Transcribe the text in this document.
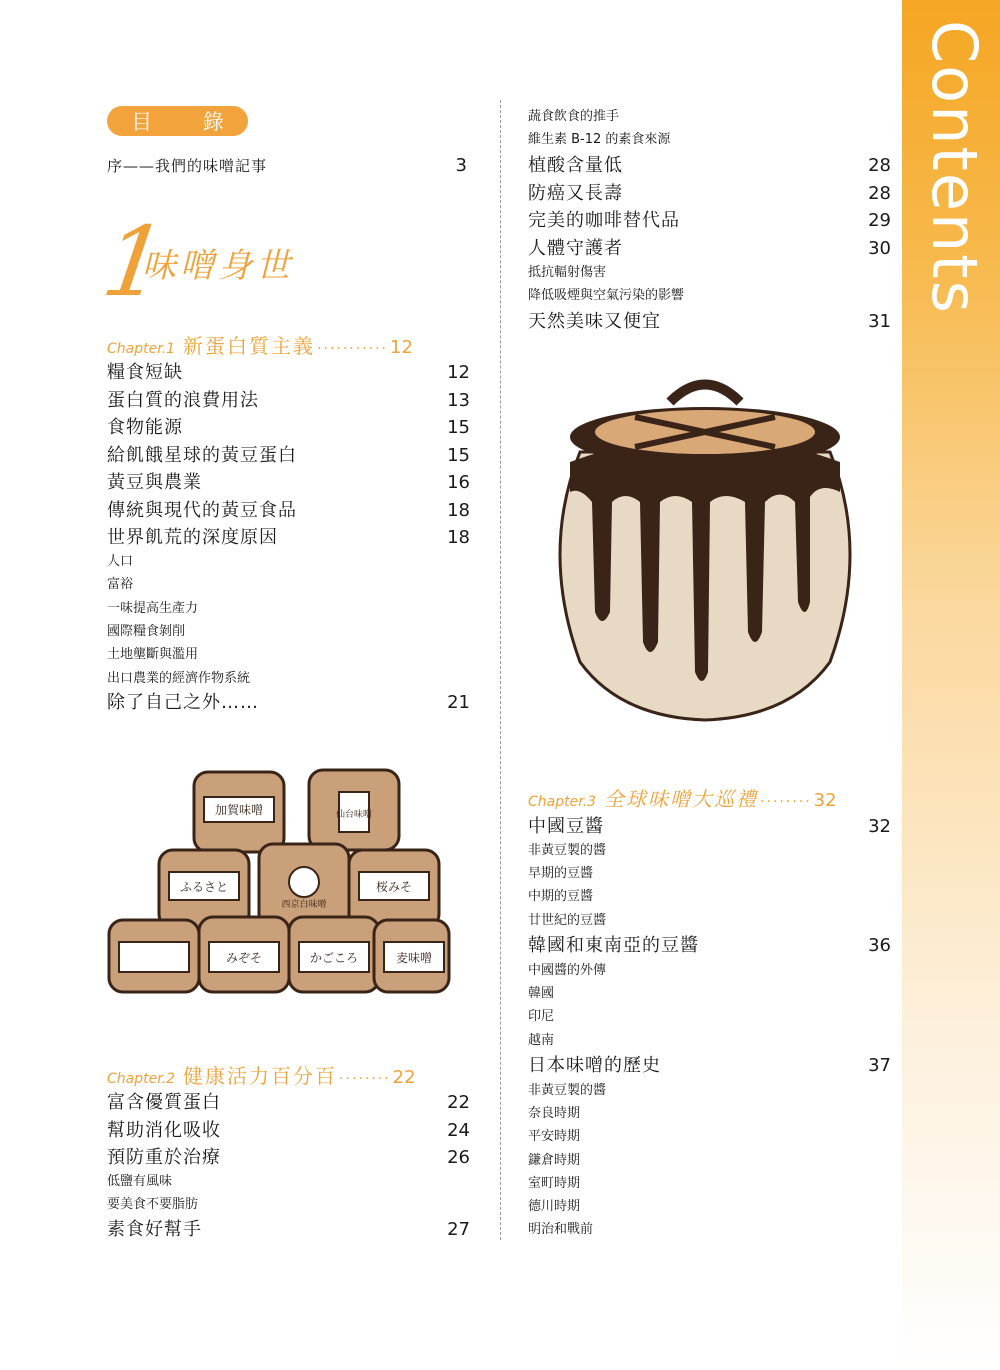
Contents
目 錄
序——我們的味噌記事	3
1
味噌身世
Chapter.1 新蛋白質主義 ··········· 12
糧食短缺	12
蛋白質的浪費用法	13
食物能源	15
給飢餓星球的黃豆蛋白	15
黃豆與農業	16
傳統與現代的黃豆食品	18
世界飢荒的深度原因	18
人口
富裕
一味提高生產力
國際糧食剝削
土地壟斷與濫用
出口農業的經濟作物系統
除了自己之外……	21
加賀味噌	仙台味噌
ふるさと
西京白味噌
桜みそ
みぞそ	かごころ	麦味噌
Chapter.2 健康活力百分百 ········ 22
富含優質蛋白	22
幫助消化吸收	24
預防重於治療	26
低鹽有風味
要美食不要脂肪
素食好幫手	27
蔬食飲食的推手
維生素 B-12 的素食來源
植酸含量低	28
防癌又長壽	28
完美的咖啡替代品	29
人體守護者	30
抵抗輻射傷害
降低吸煙與空氣污染的影響
天然美味又便宜	31
Chapter.3 全球味噌大巡禮 ········ 32
中國豆醬	32
非黃豆製的醬
早期的豆醬
中期的豆醬
廿世紀的豆醬
韓國和東南亞的豆醬	36
中國醬的外傳
韓國
印尼
越南
日本味噌的歷史	37
非黃豆製的醬
奈良時期
平安時期
鎌倉時期
室町時期
德川時期
明治和戰前
